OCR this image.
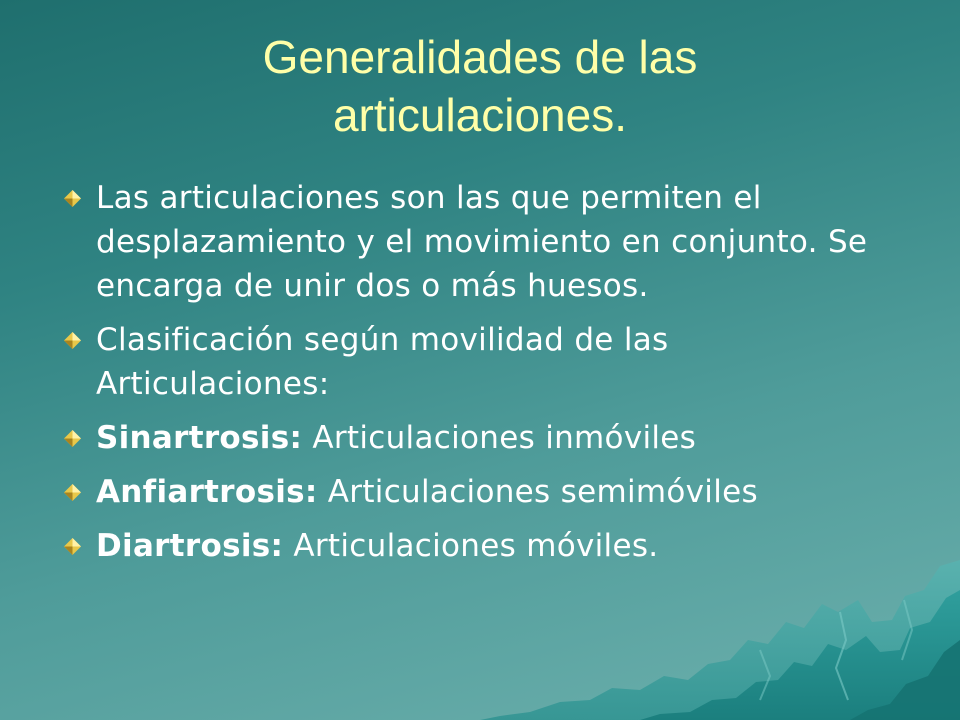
Generalidades de las
articulaciones.
Las articulaciones son las que permiten el desplazamiento y el movimiento en conjunto. Se encarga de unir dos o más huesos.
Clasificación según movilidad de las Articulaciones:
Sinartrosis: Articulaciones inmóviles
Anfiartrosis: Articulaciones semimóviles
Diartrosis: Articulaciones móviles.
